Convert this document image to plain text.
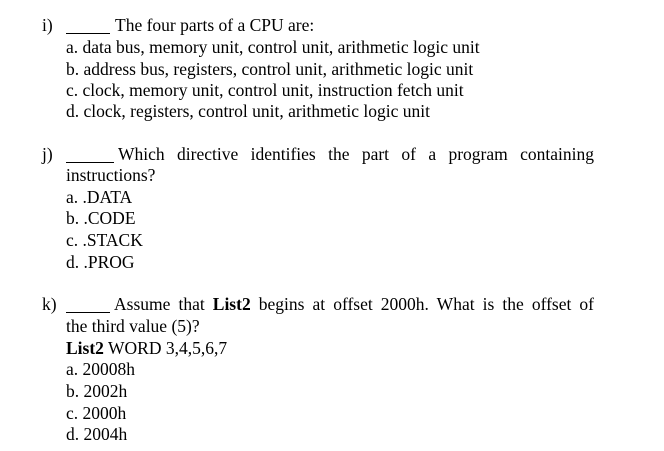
i)	The four parts of a CPU are:
a. data bus, memory unit, control unit, arithmetic logic unit
b. address bus, registers, control unit, arithmetic logic unit
c. clock, memory unit, control unit, instruction fetch unit
d. clock, registers, control unit, arithmetic logic unit
j)	Which directive identifies the part of a program containing
instructions?
a. .DATA
b. .CODE
c. .STACK
d. .PROG
k)	Assume that List2 begins at offset 2000h. What is the offset of
the third value (5)?
List2 WORD 3,4,5,6,7
a. 20008h
b. 2002h
c. 2000h
d. 2004h
